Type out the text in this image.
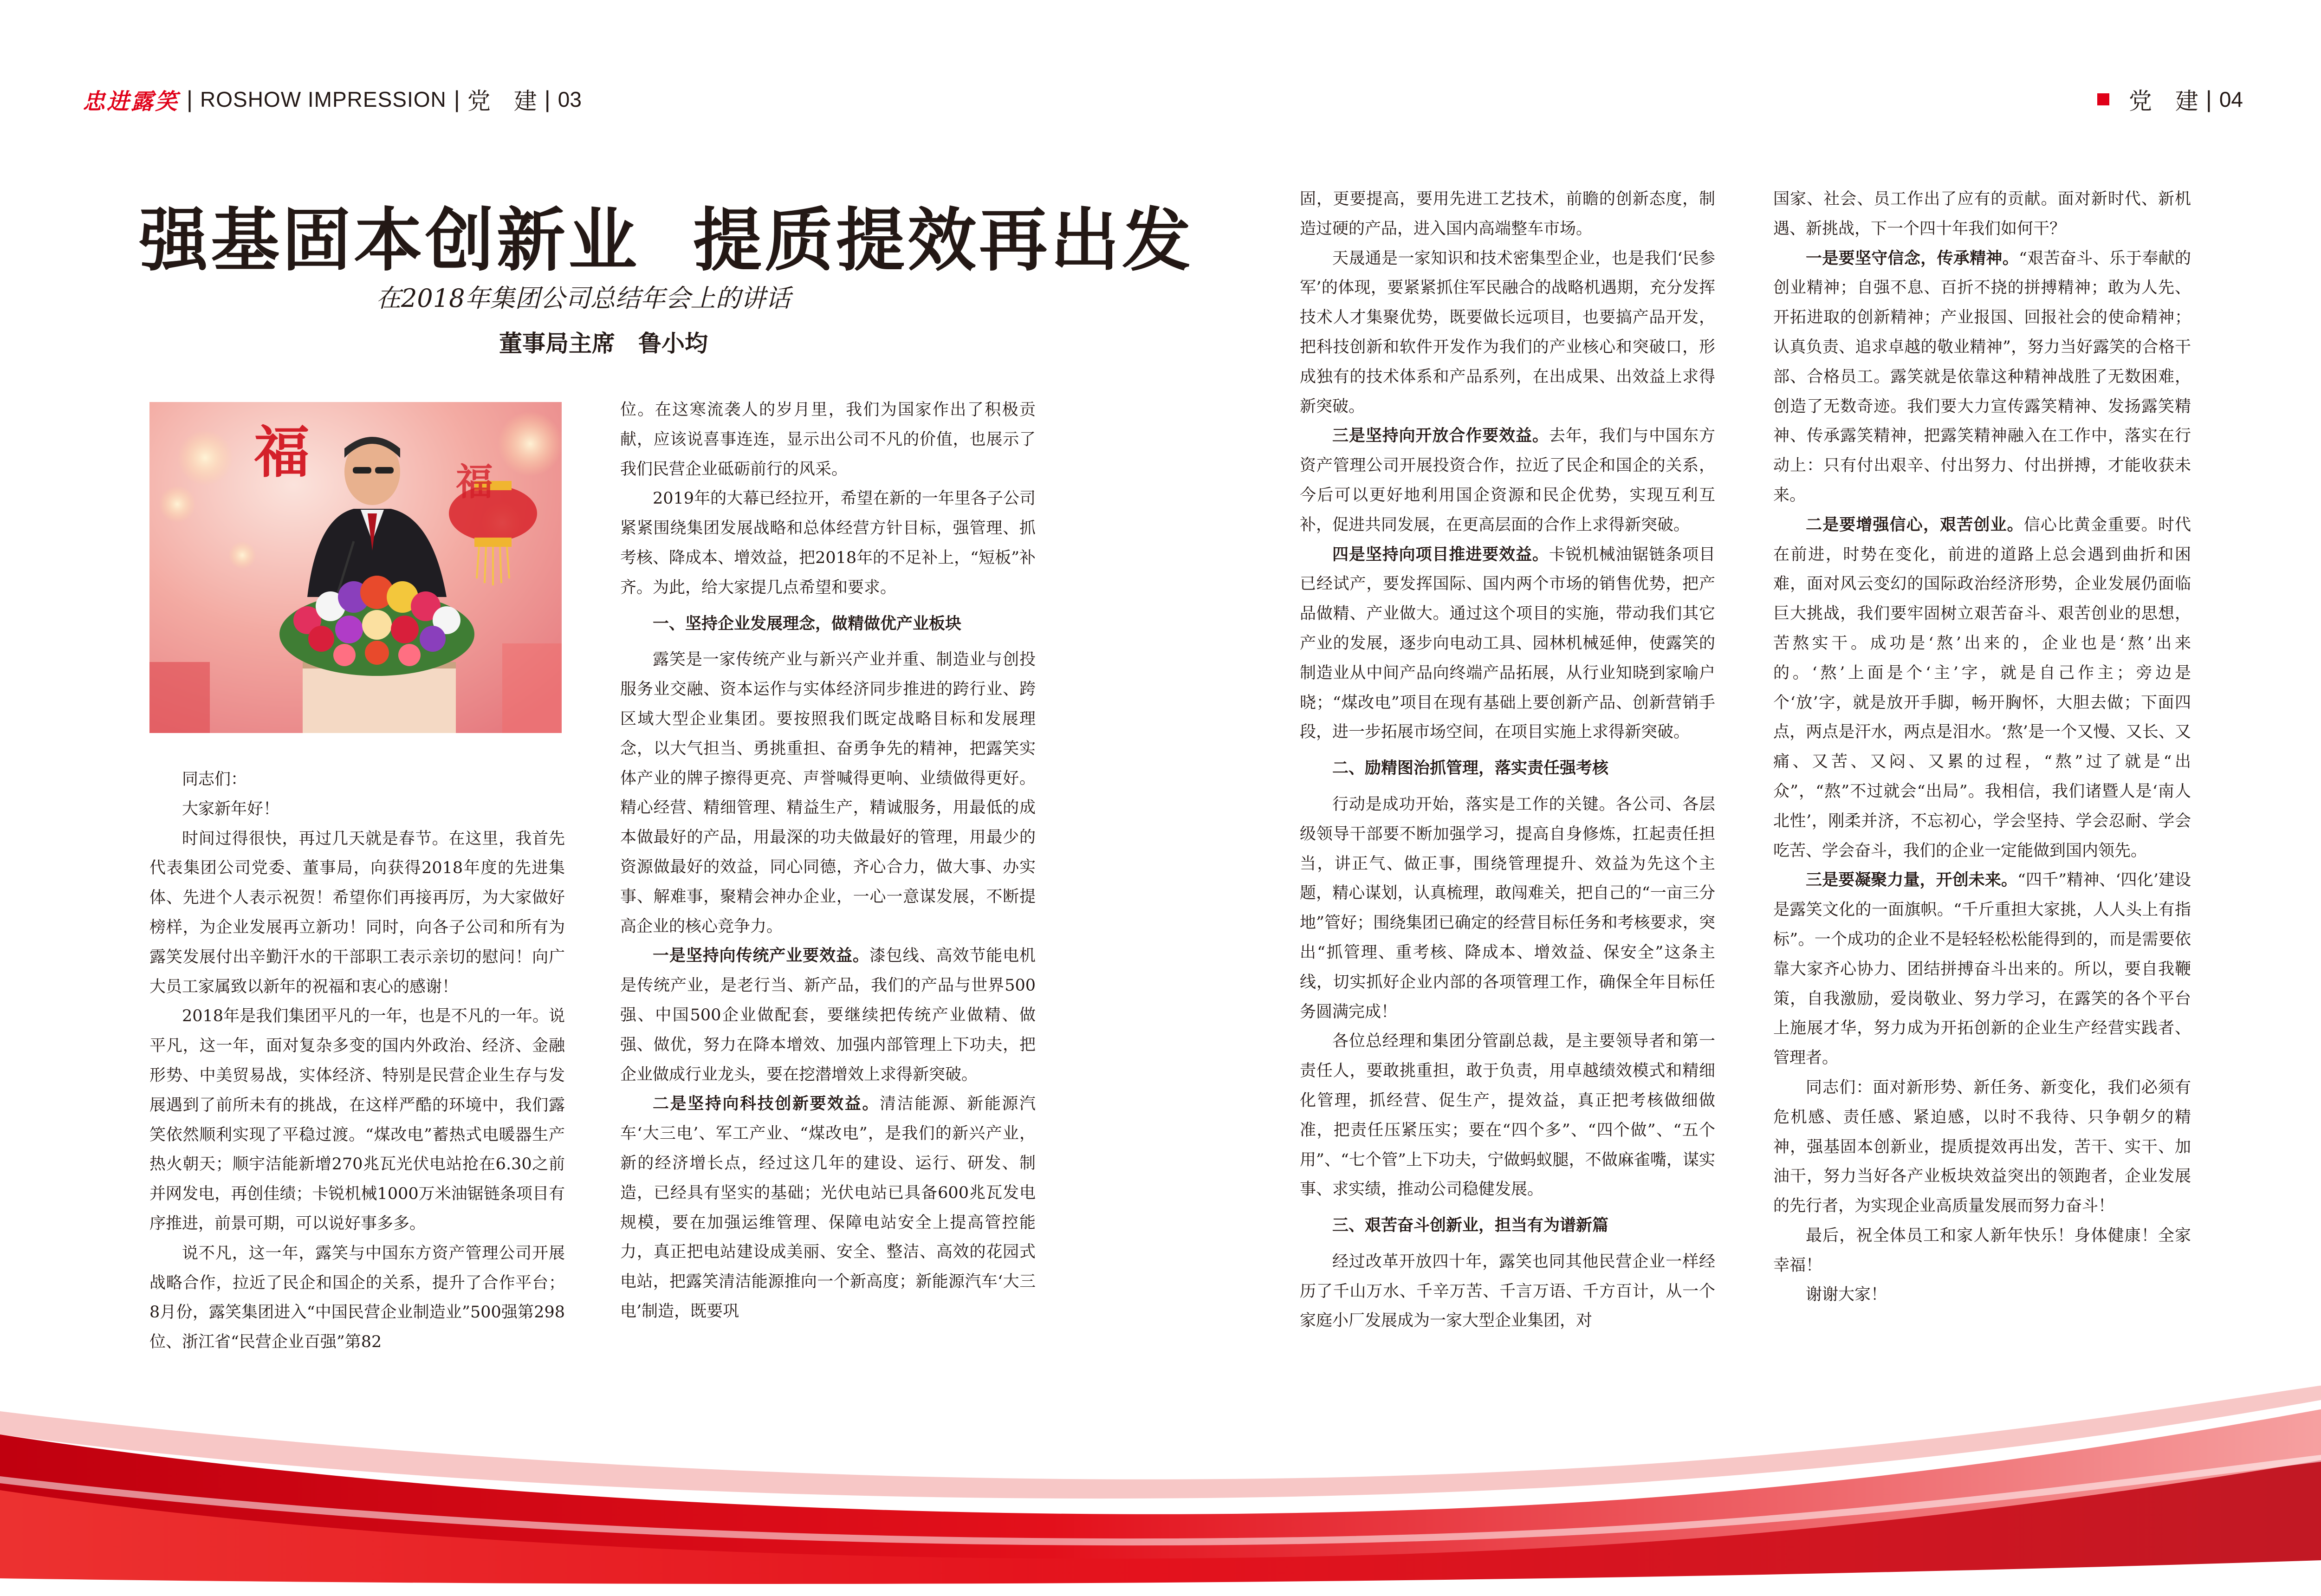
忠进露笑 | ROSHOW IMPRESSION | 党　建 | 03	党　建 | 04
强基固本创新业  提质提效再出发
在2018年集团公司总结年会上的讲话
董事局主席　鲁小均
福	福

同志们：

大家新年好！

时间过得很快，再过几天就是春节。在这里，我首先代表集团公司党委、董事局，向获得2018年度的先进集体、先进个人表示祝贺！希望你们再接再厉，为大家做好榜样，为企业发展再立新功！同时，向各子公司和所有为露笑发展付出辛勤汗水的干部职工表示亲切的慰问！向广大员工家属致以新年的祝福和衷心的感谢！

2018年是我们集团平凡的一年，也是不凡的一年。说平凡，这一年，面对复杂多变的国内外政治、经济、金融形势、中美贸易战，实体经济、特别是民营企业生存与发展遇到了前所未有的挑战，在这样严酷的环境中，我们露笑依然顺利实现了平稳过渡。“煤改电”蓄热式电暖器生产热火朝天；顺宇洁能新增270兆瓦光伏电站抢在6.30之前并网发电，再创佳绩；卡锐机械1000万米油锯链条项目有序推进，前景可期，可以说好事多多。

说不凡，这一年，露笑与中国东方资产管理公司开展战略合作，拉近了民企和国企的关系，提升了合作平台；8月份，露笑集团进入“中国民营企业制造业”500强第298位、浙江省“民营企业百强”第82

位。在这寒流袭人的岁月里，我们为国家作出了积极贡献，应该说喜事连连，显示出公司不凡的价值，也展示了我们民营企业砥砺前行的风采。

2019年的大幕已经拉开，希望在新的一年里各子公司紧紧围绕集团发展战略和总体经营方针目标，强管理、抓考核、降成本、增效益，把2018年的不足补上，“短板”补齐。为此，给大家提几点希望和要求。

一、坚持企业发展理念，做精做优产业板块

露笑是一家传统产业与新兴产业并重、制造业与创投服务业交融、资本运作与实体经济同步推进的跨行业、跨区域大型企业集团。要按照我们既定战略目标和发展理念，以大气担当、勇挑重担、奋勇争先的精神，把露笑实体产业的牌子擦得更亮、声誉喊得更响、业绩做得更好。精心经营、精细管理、精益生产，精诚服务，用最低的成本做最好的产品，用最深的功夫做最好的管理，用最少的资源做最好的效益，同心同德，齐心合力，做大事、办实事、解难事，聚精会神办企业，一心一意谋发展，不断提高企业的核心竞争力。

一是坚持向传统产业要效益。漆包线、高效节能电机是传统产业，是老行当、新产品，我们的产品与世界500强、中国500企业做配套，要继续把传统产业做精、做强、做优，努力在降本增效、加强内部管理上下功夫，把企业做成行业龙头，要在挖潜增效上求得新突破。

二是坚持向科技创新要效益。清洁能源、新能源汽车‘大三电’、军工产业、“煤改电”，是我们的新兴产业，新的经济增长点，经过这几年的建设、运行、研发、制造，已经具有坚实的基础；光伏电站已具备600兆瓦发电规模，要在加强运维管理、保障电站安全上提高管控能力，真正把电站建设成美丽、安全、整洁、高效的花园式电站，把露笑清洁能源推向一个新高度；新能源汽车‘大三电’制造，既要巩

固，更要提高，要用先进工艺技术，前瞻的创新态度，制造过硬的产品，进入国内高端整车市场。

天晟通是一家知识和技术密集型企业，也是我们‘民参军’的体现，要紧紧抓住军民融合的战略机遇期，充分发挥技术人才集聚优势，既要做长远项目，也要搞产品开发，把科技创新和软件开发作为我们的产业核心和突破口，形成独有的技术体系和产品系列，在出成果、出效益上求得新突破。

三是坚持向开放合作要效益。去年，我们与中国东方资产管理公司开展投资合作，拉近了民企和国企的关系，今后可以更好地利用国企资源和民企优势，实现互利互补，促进共同发展，在更高层面的合作上求得新突破。

四是坚持向项目推进要效益。卡锐机械油锯链条项目已经试产，要发挥国际、国内两个市场的销售优势，把产品做精、产业做大。通过这个项目的实施，带动我们其它产业的发展，逐步向电动工具、园林机械延伸，使露笑的制造业从中间产品向终端产品拓展，从行业知晓到家喻户晓；“煤改电”项目在现有基础上要创新产品、创新营销手段，进一步拓展市场空间，在项目实施上求得新突破。

二、励精图治抓管理，落实责任强考核

行动是成功开始，落实是工作的关键。各公司、各层级领导干部要不断加强学习，提高自身修炼，扛起责任担当，讲正气、做正事，围绕管理提升、效益为先这个主题，精心谋划，认真梳理，敢闯难关，把自己的“一亩三分地”管好；围绕集团已确定的经营目标任务和考核要求，突出“抓管理、重考核、降成本、增效益、保安全”这条主线，切实抓好企业内部的各项管理工作，确保全年目标任务圆满完成！

各位总经理和集团分管副总裁，是主要领导者和第一责任人，要敢挑重担，敢于负责，用卓越绩效模式和精细化管理，抓经营、促生产，提效益，真正把考核做细做准，把责任压紧压实；要在“四个多”、“四个做”、“五个用”、“七个管”上下功夫，宁做蚂蚁腿，不做麻雀嘴，谋实事、求实绩，推动公司稳健发展。

三、艰苦奋斗创新业，担当有为谱新篇

经过改革开放四十年，露笑也同其他民营企业一样经历了千山万水、千辛万苦、千言万语、千方百计，从一个家庭小厂发展成为一家大型企业集团，对

国家、社会、员工作出了应有的贡献。面对新时代、新机遇、新挑战，下一个四十年我们如何干？

一是要坚守信念，传承精神。“艰苦奋斗、乐于奉献的创业精神；自强不息、百折不挠的拼搏精神；敢为人先、开拓进取的创新精神；产业报国、回报社会的使命精神；认真负责、追求卓越的敬业精神”，努力当好露笑的合格干部、合格员工。露笑就是依靠这种精神战胜了无数困难，创造了无数奇迹。我们要大力宣传露笑精神、发扬露笑精神、传承露笑精神，把露笑精神融入在工作中，落实在行动上：只有付出艰辛、付出努力、付出拼搏，才能收获未来。

二是要增强信心，艰苦创业。信心比黄金重要。时代在前进，时势在变化，前进的道路上总会遇到曲折和困难，面对风云变幻的国际政治经济形势，企业发展仍面临巨大挑战，我们要牢固树立艰苦奋斗、艰苦创业的思想，苦熬实干。成功是‘熬’出来的，企业也是‘熬’出来的。‘熬’上面是个‘主’字，就是自己作主；旁边是个‘放’字，就是放开手脚，畅开胸怀，大胆去做；下面四点，两点是汗水，两点是泪水。‘熬’是一个又慢、又长、又痛、又苦、又闷、又累的过程，“熬”过了就是“出众”，“熬”不过就会“出局”。我相信，我们诸暨人是‘南人北性’，刚柔并济，不忘初心，学会坚持、学会忍耐、学会吃苦、学会奋斗，我们的企业一定能做到国内领先。

三是要凝聚力量，开创未来。“四千”精神、‘四化’建设是露笑文化的一面旗帜。“千斤重担大家挑，人人头上有指标”。一个成功的企业不是轻轻松松能得到的，而是需要依靠大家齐心协力、团结拼搏奋斗出来的。所以，要自我鞭策，自我激励，爱岗敬业、努力学习，在露笑的各个平台上施展才华，努力成为开拓创新的企业生产经营实践者、管理者。

同志们：面对新形势、新任务、新变化，我们必须有危机感、责任感、紧迫感，以时不我待、只争朝夕的精神，强基固本创新业，提质提效再出发，苦干、实干、加油干，努力当好各产业板块效益突出的领跑者，企业发展的先行者，为实现企业高质量发展而努力奋斗！

最后，祝全体员工和家人新年快乐！身体健康！全家幸福！

谢谢大家！
